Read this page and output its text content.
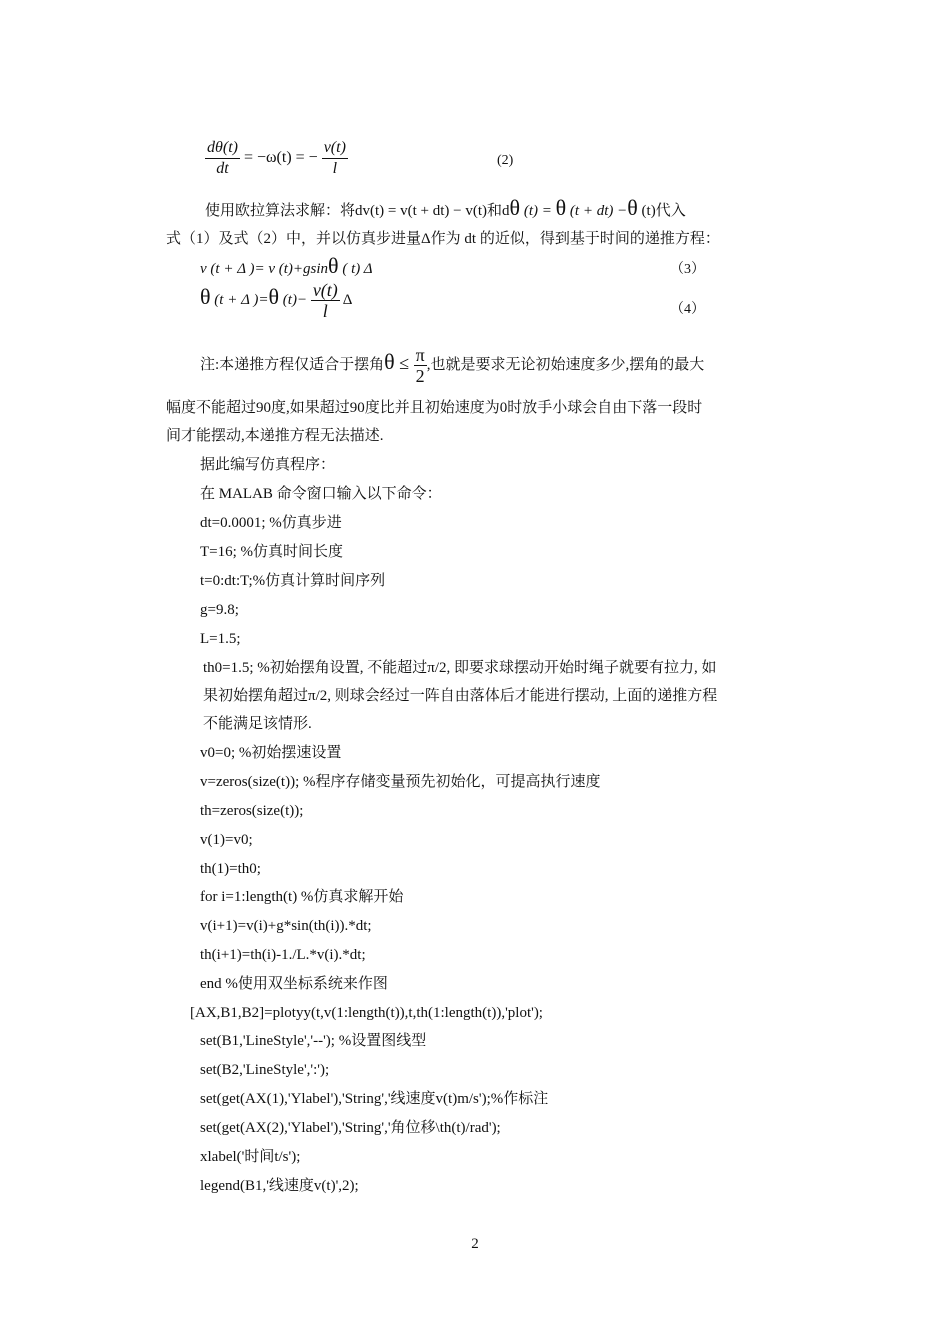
$\frac{d\theta(t)}{dt} = -\omega(t)$ = − $\frac{v(t)}{l}$	(2)
使用欧拉算法求解：将dv(t) = v(t + dt) − v(t)和dθ (t) = θ (t + dt) −θ (t)代入
式（1）及式（2）中，并以仿真步进量Δ作为 dt 的近似，得到基于时间的递推方程：
v (t + Δ )= v (t)+gsinθ ( t) Δ	（3）
θ (t + Δ )=θ $(t)- \frac{v(t)}{l}$ Δ
（4）
注:本递推方程仅适合于摆角$\theta \le \frac{\pi}{2}$ ,也就是要求无论初始速度多少,摆角的最大
幅度不能超过90度,如果超过90度比并且初始速度为0时放手小球会自由下落一段时
间才能摆动,本递推方程无法描述.
据此编写仿真程序：
在 MALAB 命令窗口输入以下命令：
dt=0.0001; %仿真步进
T=16; %仿真时间长度
t=0:dt:T;%仿真计算时间序列
g=9.8;
L=1.5;
th0=1.5; %初始摆角设置, 不能超过π/2, 即要求球摆动开始时绳子就要有拉力, 如
果初始摆角超过π/2, 则球会经过一阵自由落体后才能进行摆动, 上面的递推方程
不能满足该情形.
v0=0; %初始摆速设置
v=zeros(size(t)); %程序存储变量预先初始化，可提高执行速度
th=zeros(size(t));
v(1)=v0;
th(1)=th0;
for i=1:length(t) %仿真求解开始
v(i+1)=v(i)+g*sin(th(i)).*dt;
th(i+1)=th(i)-1./L.*v(i).*dt;
end %使用双坐标系统来作图
[AX,B1,B2]=plotyy(t,v(1:length(t)),t,th(1:length(t)),'plot');
set(B1,'LineStyle','--'); %设置图线型
set(B2,'LineStyle',':');
set(get(AX(1),'Ylabel'),'String','线速度v(t)m/s');%作标注
set(get(AX(2),'Ylabel'),'String','角位移\th(t)/rad');
xlabel('时间t/s');
legend(B1,'线速度v(t)',2);
2
